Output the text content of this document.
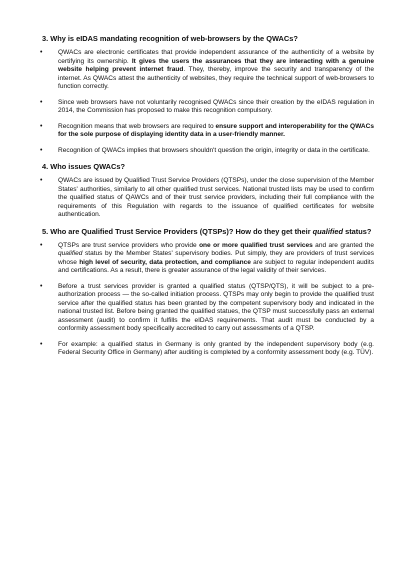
3. Why is eIDAS mandating recognition of web-browsers by the QWACs?
• QWACs are electronic certificates that provide independent assurance of the authenticity of a website by certifying its ownership. It gives the users the assurances that they are interacting with a genuine website helping prevent internet fraud. They, thereby, improve the security and transparency of the internet. As QWACs attest the authenticity of websites, they require the technical support of web-browsers to function correctly.
• Since web browsers have not voluntarily recognised QWACs since their creation by the eIDAS regulation in 2014, the Commission has proposed to make this recognition compulsory.
• Recognition means that web browsers are required to ensure support and interoperability for the QWACs for the sole purpose of displaying identity data in a user-friendly manner.
• Recognition of QWACs implies that browsers shouldn't question the origin, integrity or data in the certificate.
4. Who issues QWACs?
• QWACs are issued by Qualified Trust Service Providers (QTSPs), under the close supervision of the Member States' authorities, similarly to all other qualified trust services. National trusted lists may be used to confirm the qualified status of QAWCs and of their trust service providers, including their full compliance with the requirements of this Regulation with regards to the issuance of qualified certificates for website authentication.
5. Who are Qualified Trust Service Providers (QTSPs)? How do they get their qualified status?
• QTSPs are trust service providers who provide one or more qualified trust services and are granted the qualified status by the Member States' supervisory bodies. Put simply, they are providers of trust services whose high level of security, data protection, and compliance are subject to regular independent audits and certifications. As a result, there is greater assurance of the legal validity of their services.
• Before a trust services provider is granted a qualified status (QTSP/QTS), it will be subject to a pre-authorization process — the so-called initiation process. QTSPs may only begin to provide the qualified trust service after the qualified status has been granted by the competent supervisory body and indicated in the national trusted list. Before being granted the qualified statues, the QTSP must successfully pass an external assessment (audit) to confirm it fulfills the eIDAS requirements. That audit must be conducted by a conformity assessment body specifically accredited to carry out assessments of a QTSP.
• For example: a qualified status in Germany is only granted by the independent supervisory body (e.g. Federal Security Office in Germany) after auditing is completed by a conformity assessment body (e.g. TÜV).
